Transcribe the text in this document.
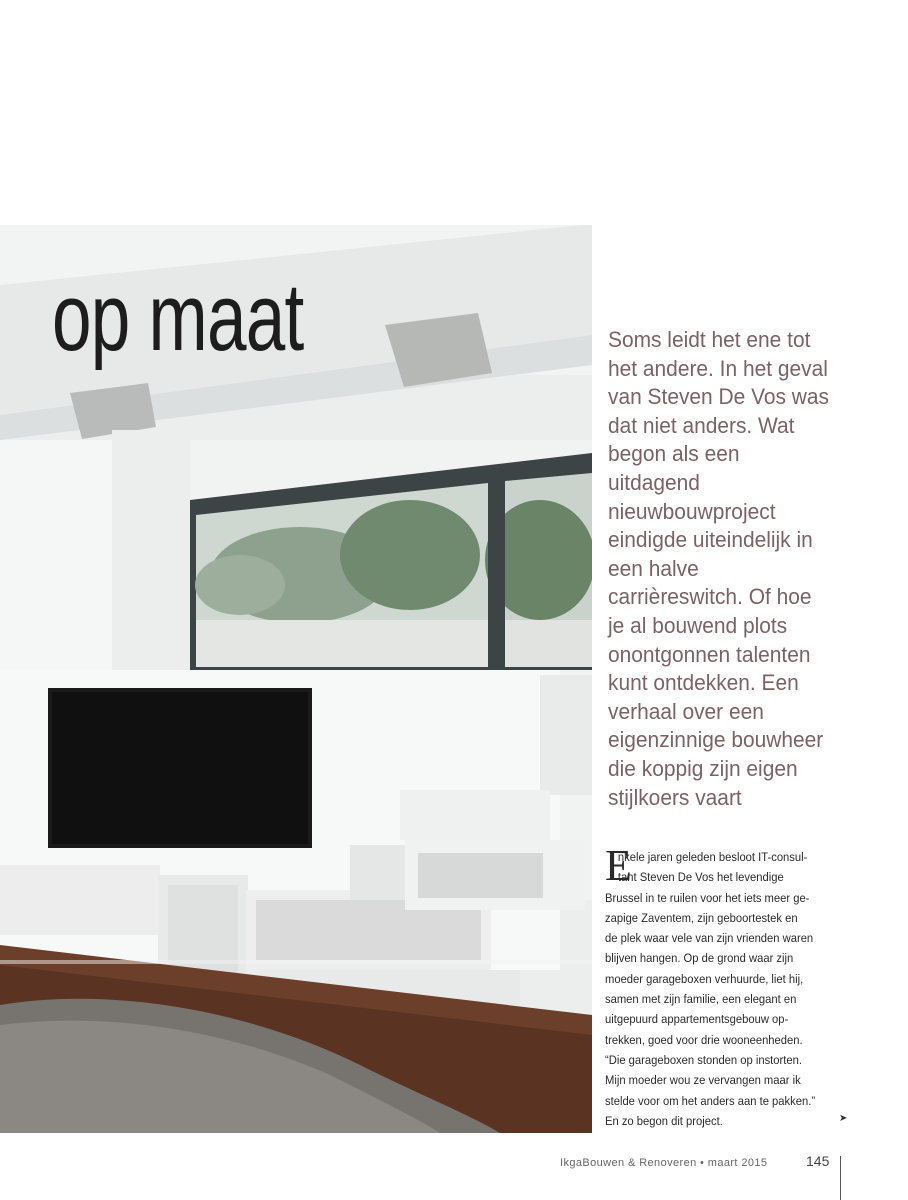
op maat	Soms leidt het ene tot
het andere. In het geval
van Steven De Vos was
dat niet anders. Wat
begon als een
uitdagend
nieuwbouwproject
eindigde uiteindelijk in
een halve
carrièreswitch. Of hoe
je al bouwend plots
onontgonnen talenten
kunt ontdekken. Een
verhaal over een
eigenzinnige bouwheer
die koppig zijn eigen
stijlkoers vaart
E
nkele jaren geleden besloot IT-consul-
tant Steven De Vos het levendige
Brussel in te ruilen voor het iets meer ge-
zapige Zaventem, zijn geboortestek en
de plek waar vele van zijn vrienden waren
blijven hangen. Op de grond waar zijn
moeder garageboxen verhuurde, liet hij,
samen met zijn familie, een elegant en
uitgepuurd appartementsgebouw op-
trekken, goed voor drie wooneenheden.
“Die garageboxen stonden op instorten.
Mijn moeder wou ze vervangen maar ik
stelde voor om het anders aan te pakken.”
En zo begon dit project.	➤
IkgaBouwen & Renoveren • maart 2015	145
